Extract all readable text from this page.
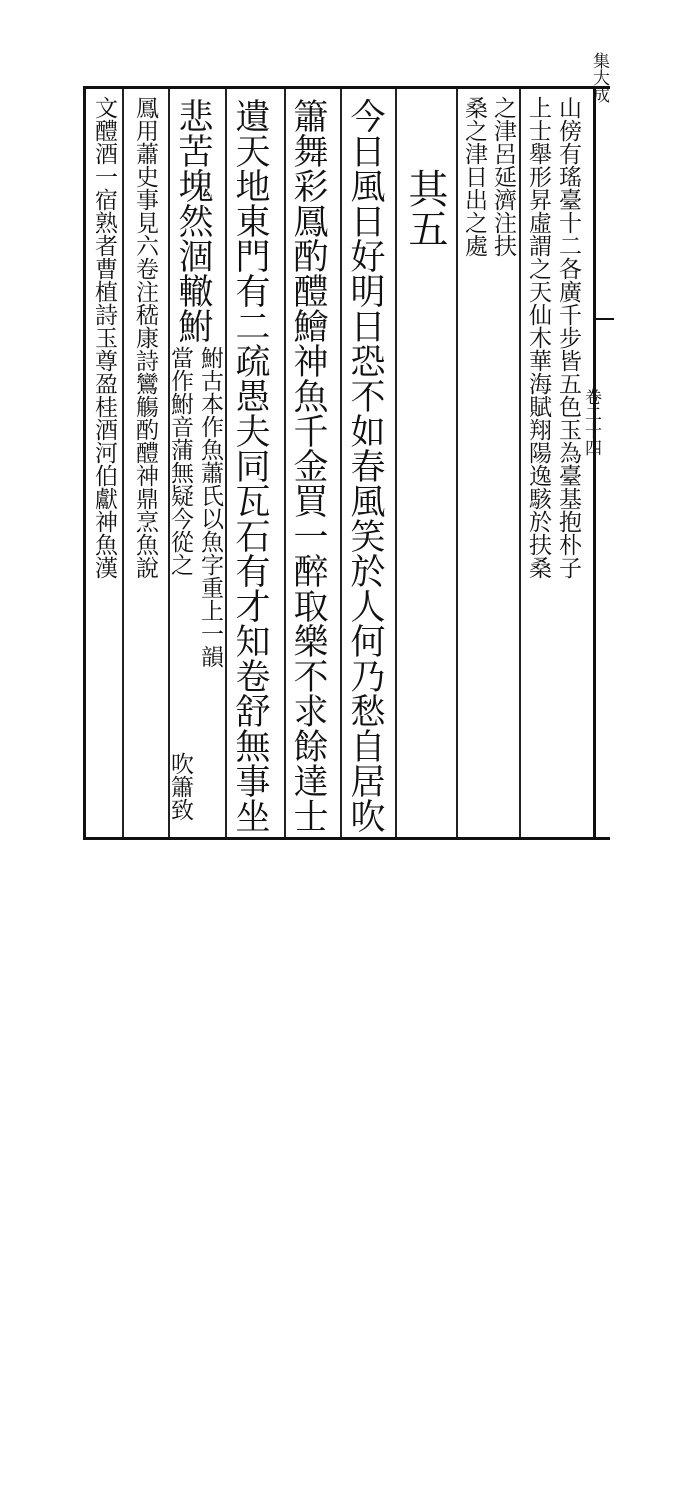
集大成
卷二十四
山傍有瑤臺十二各廣千步皆五色玉為臺基抱朴子
上士舉形昇虛謂之天仙木華海賦翔陽逸駭於扶桑
之津呂延濟注扶
桑之津日出之處
其五
今日風日好明日恐不如春風笑於人何乃愁自居吹
簫舞彩鳳酌醴鱠神魚千金買一醉取樂不求餘達士
遺天地東門有二疏愚夫同瓦石有才知卷舒無事坐
悲苦塊然涸轍鮒
鮒古本作魚蕭氏以魚字重上一韻
當作鮒音蒲無疑今從之
吹簫致
鳳用蕭史事見六卷注嵇康詩鸞觴酌醴神鼎烹魚說
文醴酒一宿熟者曹植詩玉尊盈桂酒河伯獻神魚漢
